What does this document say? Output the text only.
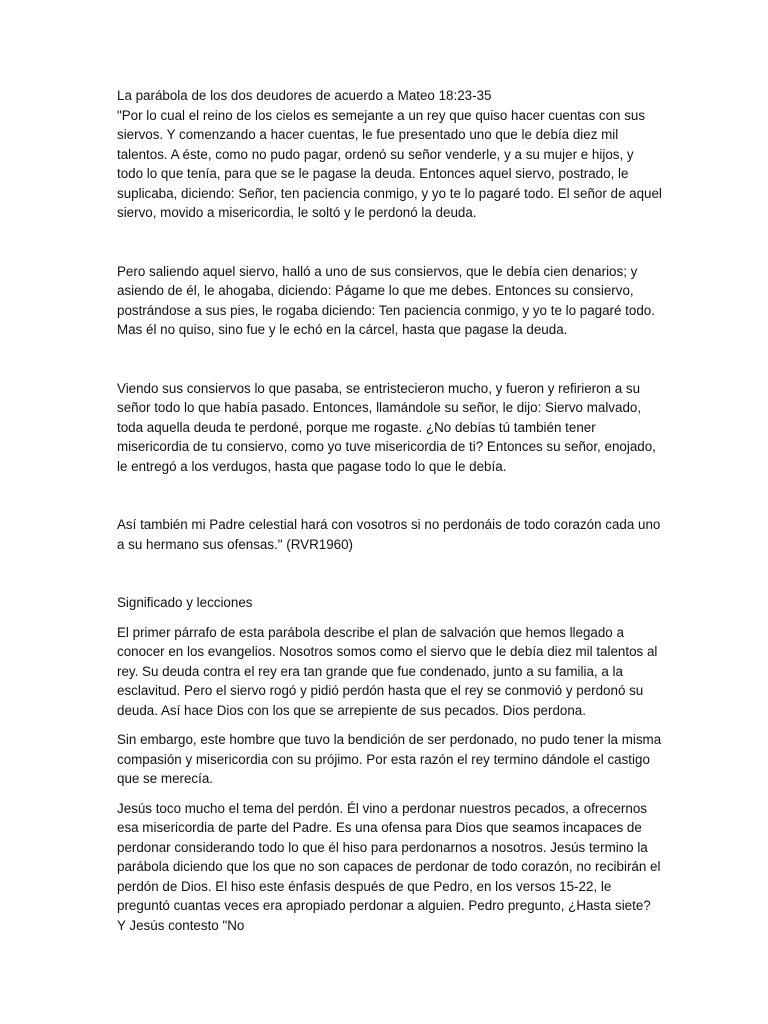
La parábola de los dos deudores de acuerdo a Mateo 18:23-35

"Por lo cual el reino de los cielos es semejante a un rey que quiso hacer cuentas con sus siervos. Y comenzando a hacer cuentas, le fue presentado uno que le debía diez mil talentos. A éste, como no pudo pagar, ordenó su señor venderle, y a su mujer e hijos, y todo lo que tenía, para que se le pagase la deuda. Entonces aquel siervo, postrado, le suplicaba, diciendo: Señor, ten paciencia conmigo, y yo te lo pagaré todo. El señor de aquel siervo, movido a misericordia, le soltó y le perdonó la deuda.

Pero saliendo aquel siervo, halló a uno de sus consiervos, que le debía cien denarios; y asiendo de él, le ahogaba, diciendo: Págame lo que me debes. Entonces su consiervo, postrándose a sus pies, le rogaba diciendo: Ten paciencia conmigo, y yo te lo pagaré todo. Mas él no quiso, sino fue y le echó en la cárcel, hasta que pagase la deuda.

Viendo sus consiervos lo que pasaba, se entristecieron mucho, y fueron y refirieron a su señor todo lo que había pasado. Entonces, llamándole su señor, le dijo: Siervo malvado, toda aquella deuda te perdoné, porque me rogaste. ¿No debías tú también tener misericordia de tu consiervo, como yo tuve misericordia de ti? Entonces su señor, enojado, le entregó a los verdugos, hasta que pagase todo lo que le debía.

Así también mi Padre celestial hará con vosotros si no perdonáis de todo corazón cada uno a su hermano sus ofensas." (RVR1960)

Significado y lecciones

El primer párrafo de esta parábola describe el plan de salvación que hemos llegado a conocer en los evangelios. Nosotros somos como el siervo que le debía diez mil talentos al rey. Su deuda contra el rey era tan grande que fue condenado, junto a su familia, a la esclavitud. Pero el siervo rogó y pidió perdón hasta que el rey se conmovió y perdonó su deuda. Así hace Dios con los que se arrepiente de sus pecados. Dios perdona.

Sin embargo, este hombre que tuvo la bendición de ser perdonado, no pudo tener la misma compasión y misericordia con su prójimo. Por esta razón el rey termino dándole el castigo que se merecía.

Jesús toco mucho el tema del perdón. Él vino a perdonar nuestros pecados, a ofrecernos esa misericordia de parte del Padre. Es una ofensa para Dios que seamos incapaces de perdonar considerando todo lo que él hiso para perdonarnos a nosotros. Jesús termino la parábola diciendo que los que no son capaces de perdonar de todo corazón, no recibirán el perdón de Dios. El hiso este énfasis después de que Pedro, en los versos 15-22, le preguntó cuantas veces era apropiado perdonar a alguien. Pedro pregunto, ¿Hasta siete? Y Jesús contesto "No
